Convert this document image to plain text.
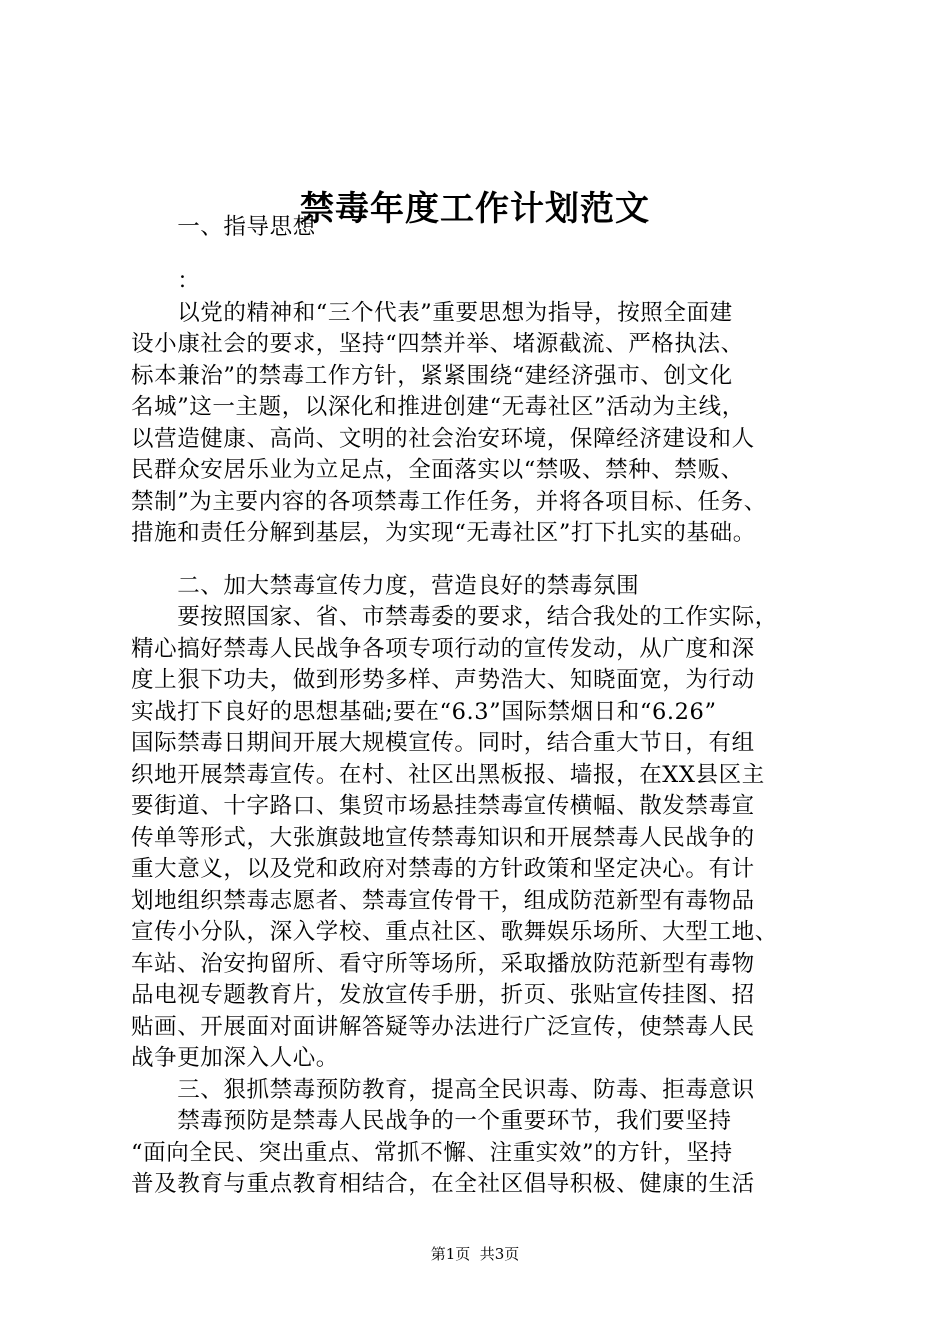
禁毒年度工作计划范文
　　一、指导思想
　　：
　　以党的精神和“三个代表”重要思想为指导，按照全面建
设小康社会的要求，坚持“四禁并举、堵源截流、严格执法、
标本兼治”的禁毒工作方针，紧紧围绕“建经济强市、创文化
名城”这一主题，以深化和推进创建“无毒社区”活动为主线，
以营造健康、高尚、文明的社会治安环境，保障经济建设和人
民群众安居乐业为立足点，全面落实以“禁吸、禁种、禁贩、
禁制”为主要内容的各项禁毒工作任务，并将各项目标、任务、
措施和责任分解到基层，为实现“无毒社区”打下扎实的基础。
　　二、加大禁毒宣传力度，营造良好的禁毒氛围
　　要按照国家、省、市禁毒委的要求，结合我处的工作实际，
精心搞好禁毒人民战争各项专项行动的宣传发动，从广度和深
度上狠下功夫，做到形势多样、声势浩大、知晓面宽，为行动
实战打下良好的思想基础;要在“6.3”国际禁烟日和“6.26”
国际禁毒日期间开展大规模宣传。同时，结合重大节日，有组
织地开展禁毒宣传。在村、社区出黑板报、墙报，在XX县区主
要街道、十字路口、集贸市场悬挂禁毒宣传横幅、散发禁毒宣
传单等形式，大张旗鼓地宣传禁毒知识和开展禁毒人民战争的
重大意义，以及党和政府对禁毒的方针政策和坚定决心。有计
划地组织禁毒志愿者、禁毒宣传骨干，组成防范新型有毒物品
宣传小分队，深入学校、重点社区、歌舞娱乐场所、大型工地、
车站、治安拘留所、看守所等场所，采取播放防范新型有毒物
品电视专题教育片，发放宣传手册，折页、张贴宣传挂图、招
贴画、开展面对面讲解答疑等办法进行广泛宣传，使禁毒人民
战争更加深入人心。
　　三、狠抓禁毒预防教育，提高全民识毒、防毒、拒毒意识
　　禁毒预防是禁毒人民战争的一个重要环节，我们要坚持
“面向全民、突出重点、常抓不懈、注重实效”的方针，坚持
普及教育与重点教育相结合，在全社区倡导积极、健康的生活
第1页  共3页
